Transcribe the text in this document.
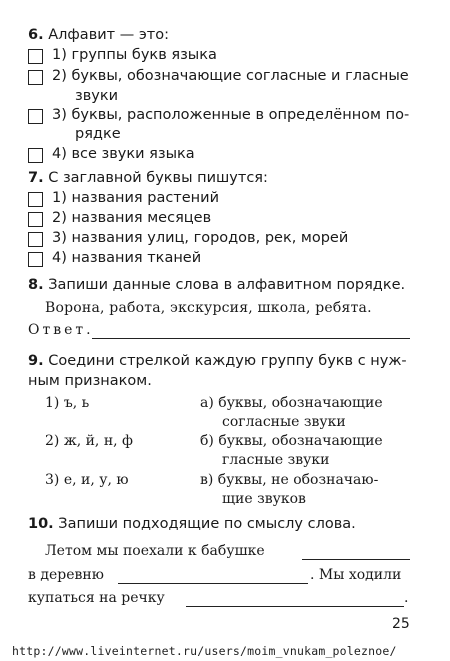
6. Алфавит — это:
1) группы букв языка
2) буквы, обозначающие согласные и гласные
звуки
3) буквы, расположенные в определённом по-
рядке
4) все звуки языка
7. С заглавной буквы пишутся:
1) названия растений
2) названия месяцев
3) названия улиц, городов, рек, морей
4) названия тканей
8. Запиши данные слова в алфавитном порядке.
Ворона, работа, экскурсия, школа, ребята.
Ответ.
9. Соедини стрелкой каждую группу букв с нуж-
ным признаком.
1) ъ, ь
2) ж, й, н, ф
3) е, и, у, ю
а) буквы, обозначающие
согласные звуки
б) буквы, обозначающие
гласные звуки
в) буквы, не обозначаю-
щие звуков
10. Запиши подходящие по смыслу слова.
Летом мы поехали к бабушке
в деревню	. Мы ходили
купаться на речку	.
25
http://www.liveinternet.ru/users/moim_vnukam_poleznoe/
